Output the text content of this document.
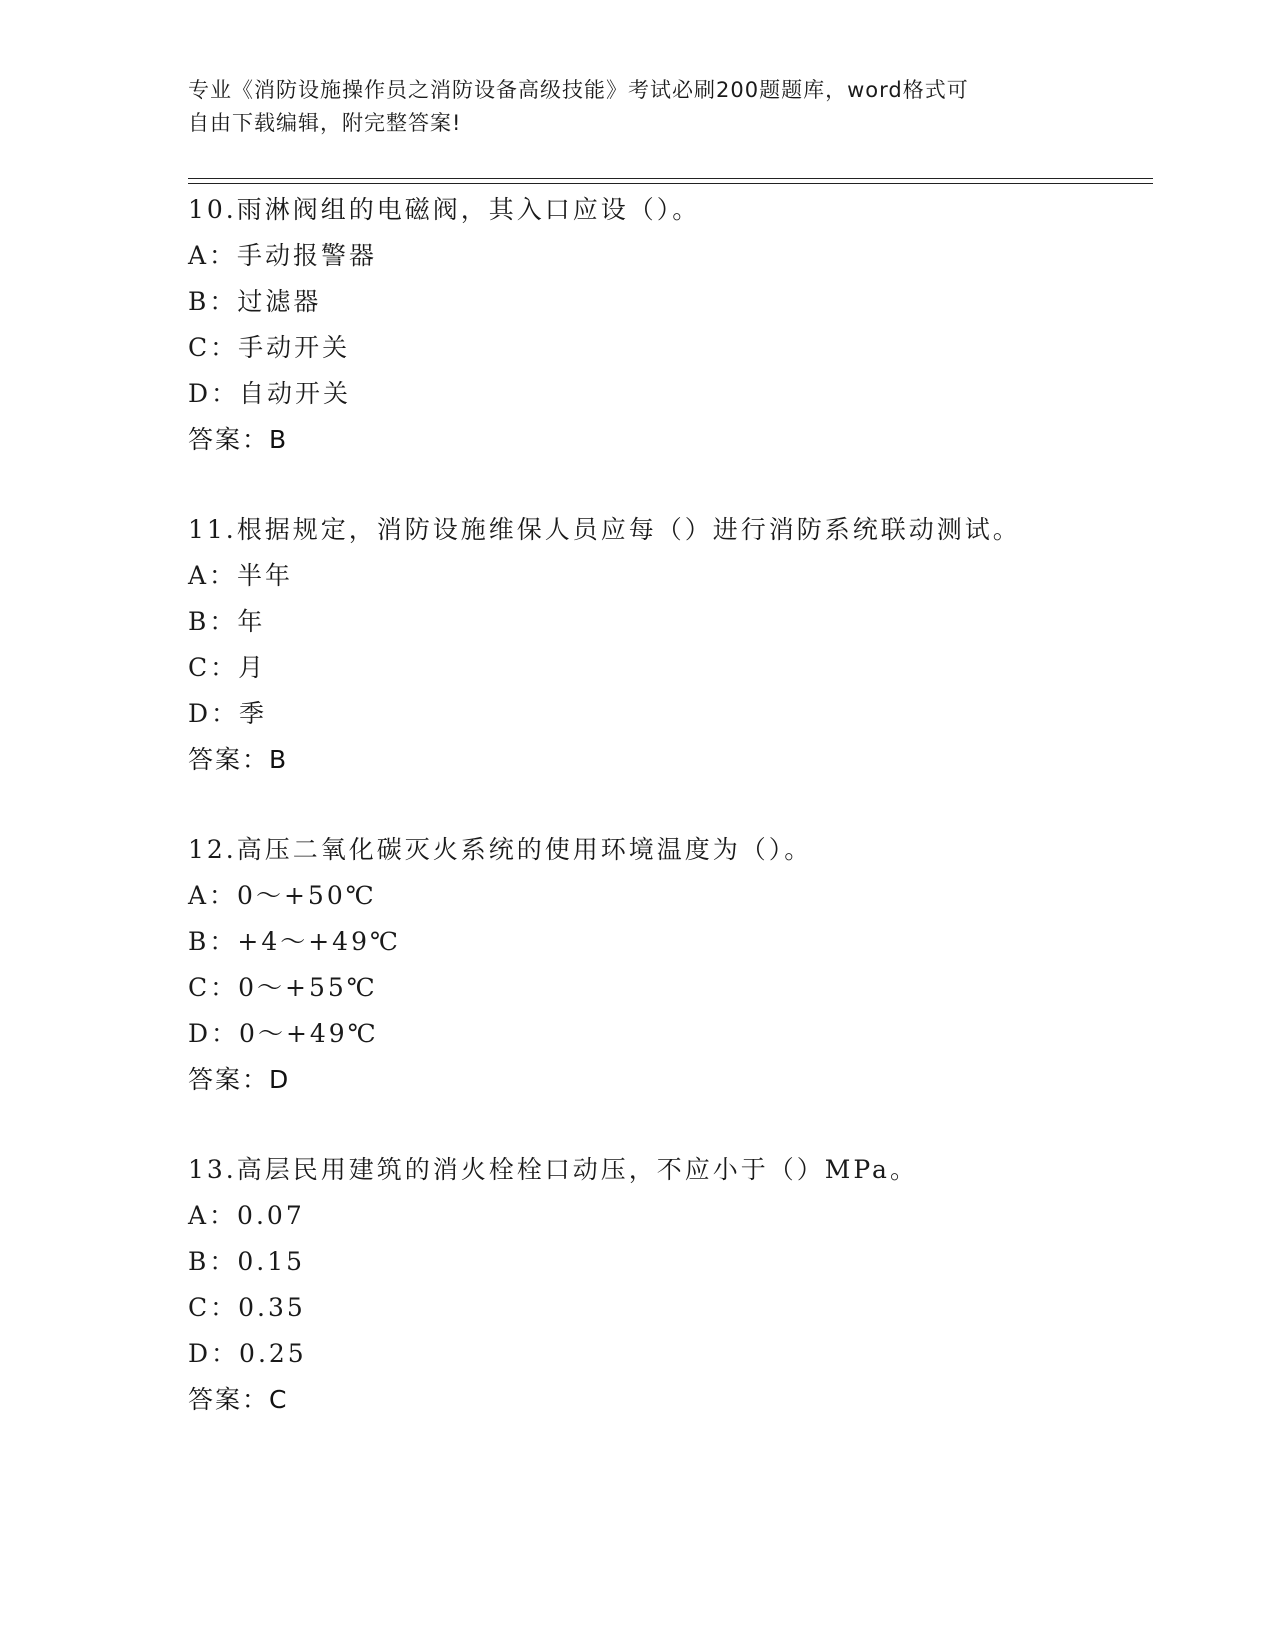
专业《消防设施操作员之消防设备高级技能》考试必刷200题题库，word格式可
自由下载编辑，附完整答案!
10.雨淋阀组的电磁阀，其入口应设（）。
A：手动报警器
B：过滤器
C：手动开关
D：自动开关
答案：B
11.根据规定，消防设施维保人员应每（）进行消防系统联动测试。
A：半年
B：年
C：月
D：季
答案：B
12.高压二氧化碳灭火系统的使用环境温度为（）。
A：0～+50℃
B：+4～+49℃
C：0～+55℃
D：0～+49℃
答案：D
13.高层民用建筑的消火栓栓口动压，不应小于（）MPa。
A：0.07
B：0.15
C：0.35
D：0.25
答案：C
